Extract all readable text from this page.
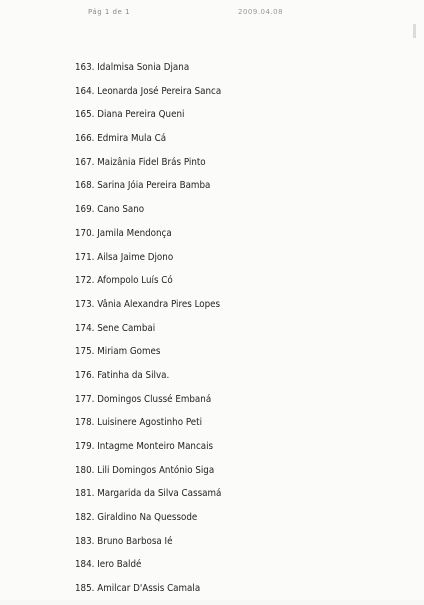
Pág 1 de 1	2009.04.08
163. Idalmisa Sonia Djana
164. Leonarda José Pereira Sanca
165. Diana Pereira Queni
166. Edmira Mula Cá
167. Maizânia Fidel Brás Pinto
168. Sarina Jóia Pereira Bamba
169. Cano Sano
170. Jamila Mendonça
171. Ailsa Jaime Djono
172. Afompolo Luís Có
173. Vânia Alexandra Pires Lopes
174. Sene Cambai
175. Miriam Gomes
176. Fatinha da Silva.
177. Domingos Clussé Embaná
178. Luisinere Agostinho Peti
179. Intagme Monteiro Mancais
180. Lili Domingos António Siga
181. Margarida da Silva Cassamá
182. Giraldino Na Quessode
183. Bruno Barbosa Ié
184. Iero Baldé
185. Amilcar D'Assis Camala
